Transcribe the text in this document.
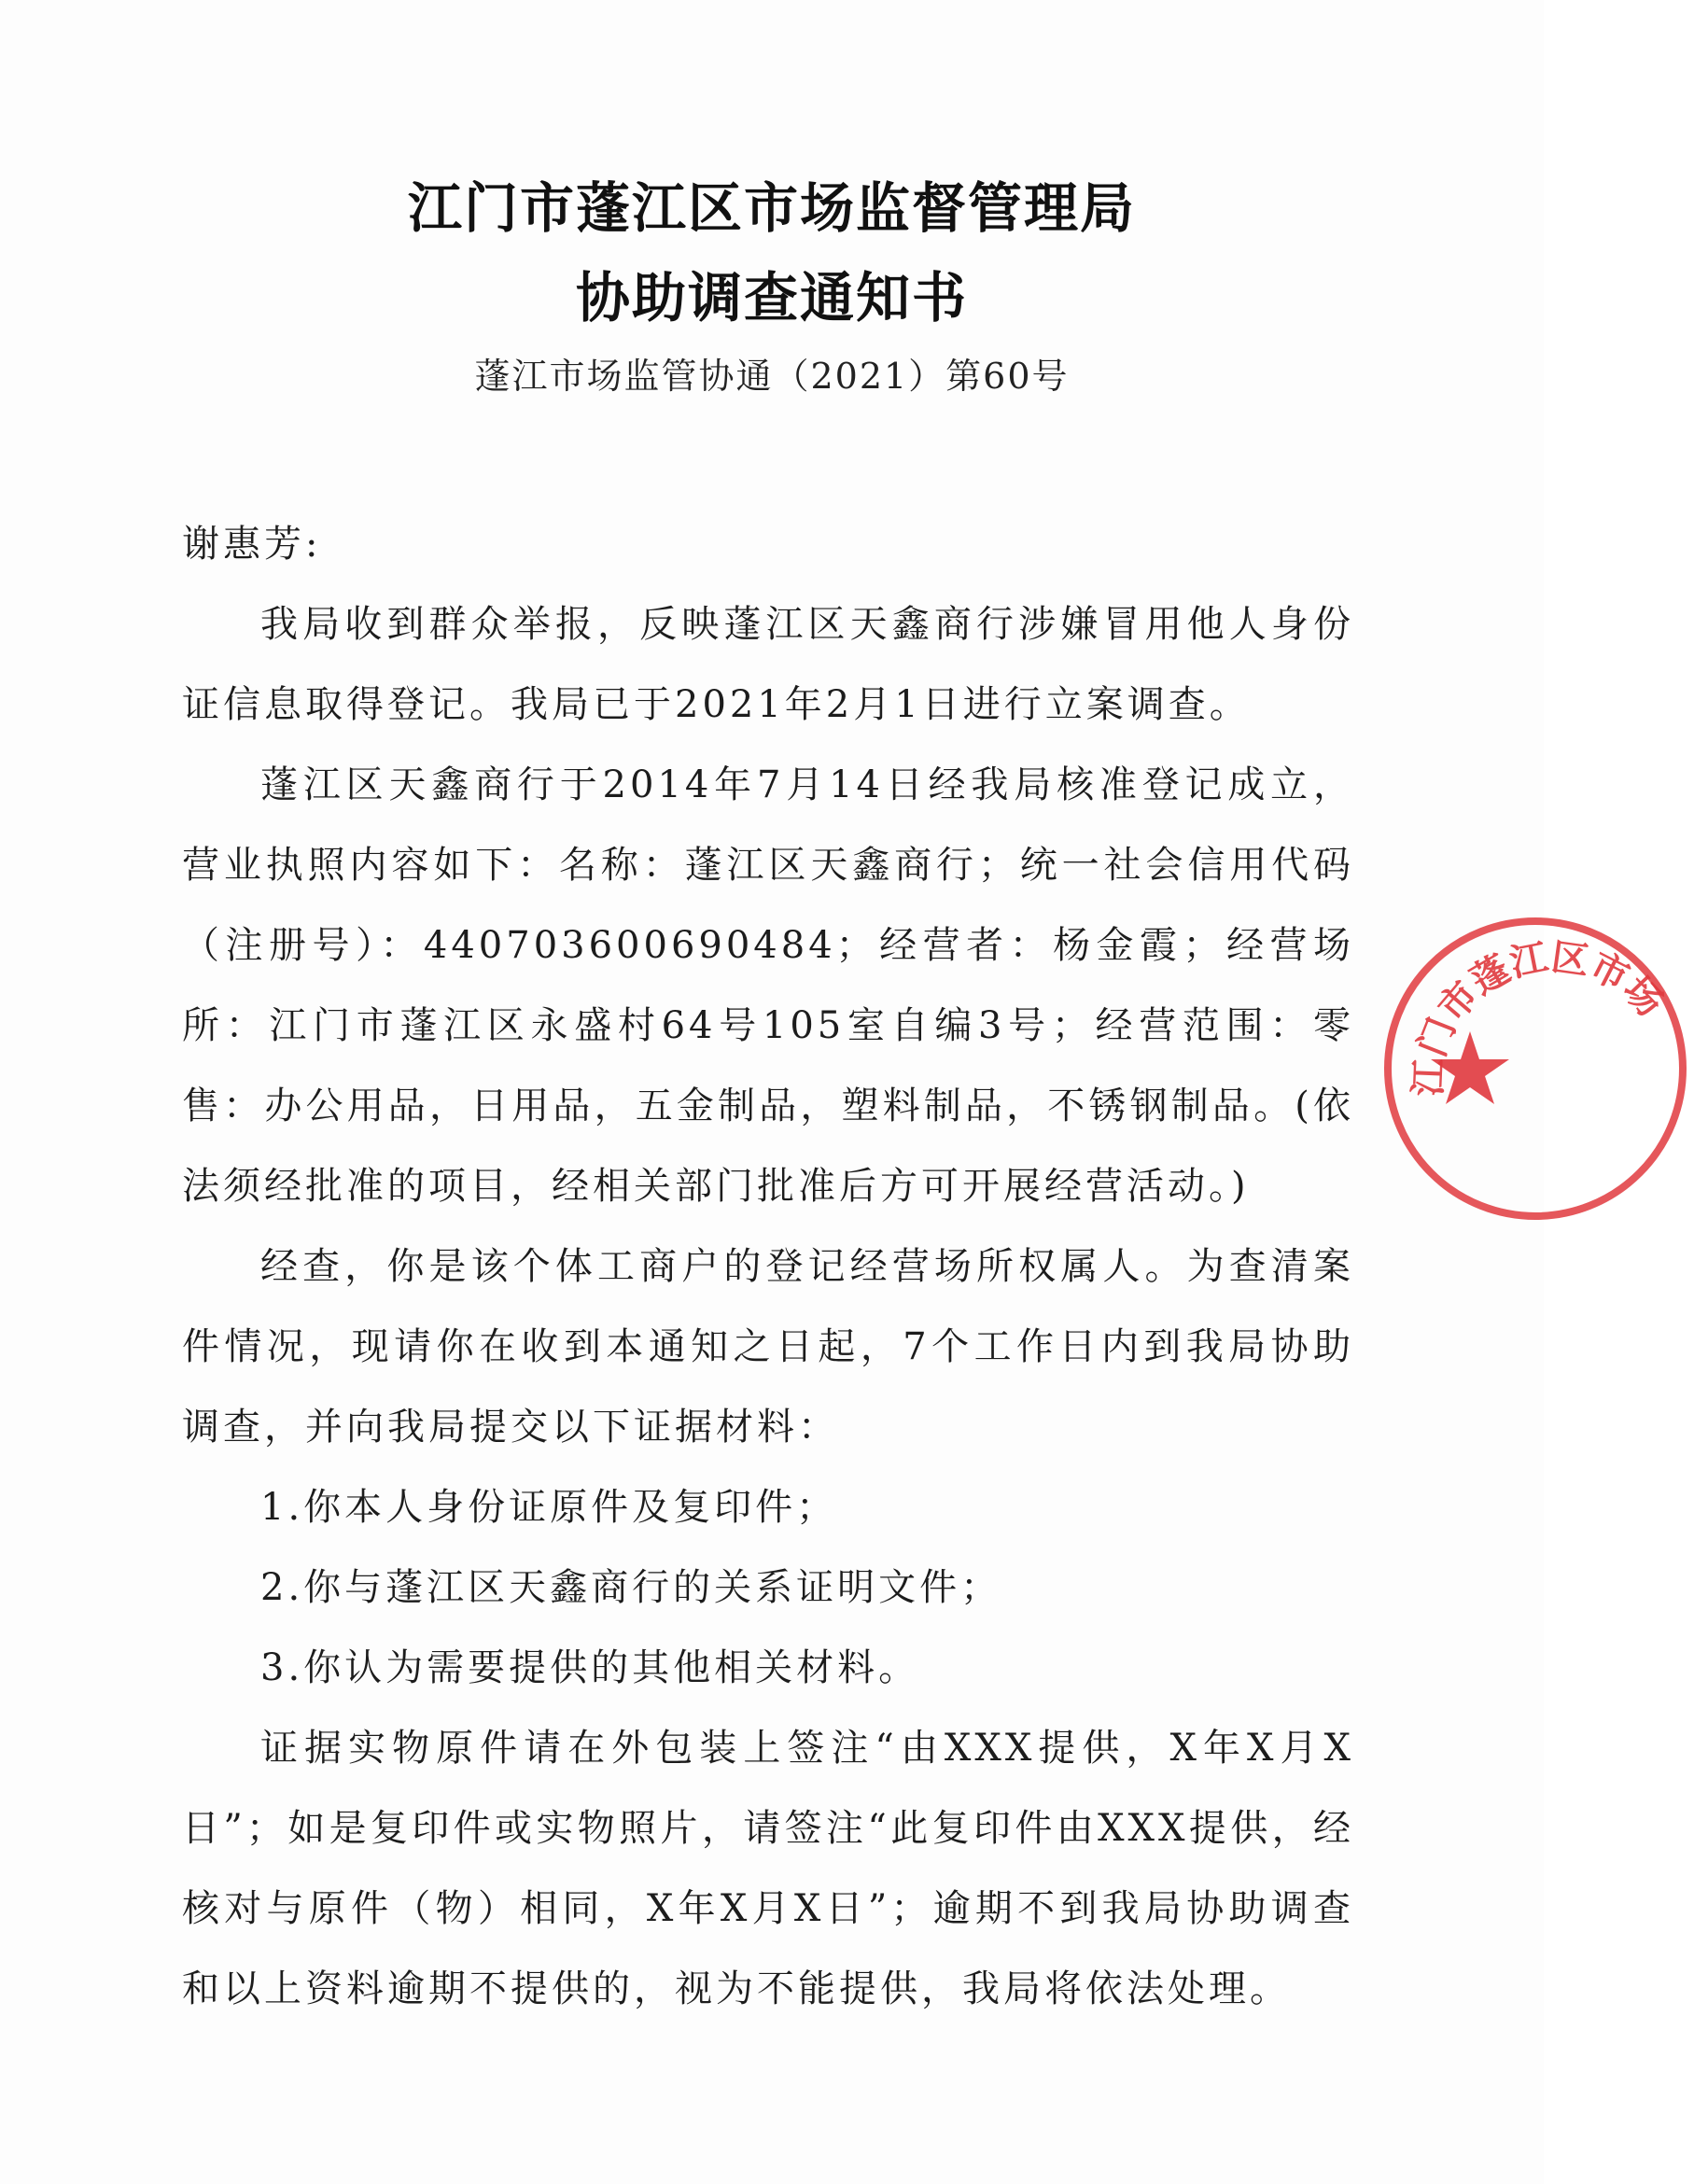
江门市蓬江区市场监督管理局
协助调查通知书
蓬江市场监管协通（2021）第60号

谢惠芳:

我局收到群众举报，反映蓬江区天鑫商行涉嫌冒用他人身份证信息取得登记。我局已于2021年2月1日进行立案调查。

蓬江区天鑫商行于2014年7月14日经我局核准登记成立，营业执照内容如下：名称：蓬江区天鑫商行；统一社会信用代码（注册号）：440703600690484；经营者：杨金霞；经营场所：江门市蓬江区永盛村64号105室自编3号；经营范围：零售：办公用品，日用品，五金制品，塑料制品，不锈钢制品。(依法须经批准的项目，经相关部门批准后方可开展经营活动。)

经查，你是该个体工商户的登记经营场所权属人。为查清案件情况，现请你在收到本通知之日起，7个工作日内到我局协助调查，并向我局提交以下证据材料：

1.你本人身份证原件及复印件；

2.你与蓬江区天鑫商行的关系证明文件；

3.你认为需要提供的其他相关材料。

证据实物原件请在外包装上签注“由XXX提供，X年X月X日”；如是复印件或实物照片，请签注“此复印件由XXX提供，经核对与原件（物）相同，X年X月X日”；逾期不到我局协助调查和以上资料逾期不提供的，视为不能提供，我局将依法处理。

江门市蓬江区市场
